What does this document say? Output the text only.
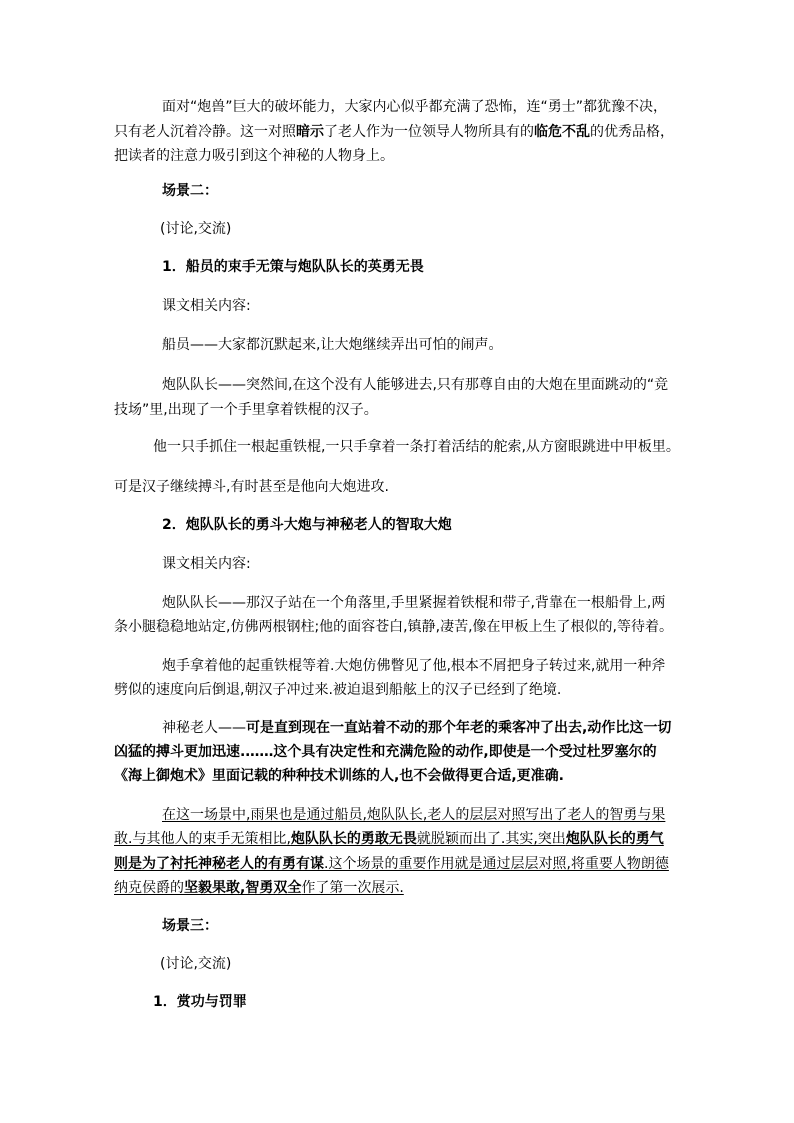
面对“炮兽”巨大的破坏能力，大家内心似乎都充满了恐怖，连“勇士”都犹豫不决，
只有老人沉着冷静。这一对照暗示了老人作为一位领导人物所具有的临危不乱的优秀品格，
把读者的注意力吸引到这个神秘的人物身上。
场景二：
(讨论,交流)
1．船员的束手无策与炮队队长的英勇无畏
课文相关内容:
船员——大家都沉默起来,让大炮继续弄出可怕的闹声。
炮队队长——突然间,在这个没有人能够进去,只有那尊自由的大炮在里面跳动的“竞
技场”里,出现了一个手里拿着铁棍的汉子。
他一只手抓住一根起重铁棍,一只手拿着一条打着活结的舵索,从方窗眼跳进中甲板里。
可是汉子继续搏斗,有时甚至是他向大炮进攻.
2．炮队队长的勇斗大炮与神秘老人的智取大炮
课文相关内容:
炮队队长——那汉子站在一个角落里,手里紧握着铁棍和带子,背靠在一根船骨上,两
条小腿稳稳地站定,仿佛两根钢柱;他的面容苍白,镇静,凄苦,像在甲板上生了根似的,等待着。
炮手拿着他的起重铁棍等着.大炮仿佛瞥见了他,根本不屑把身子转过来,就用一种斧
劈似的速度向后倒退,朝汉子冲过来.被迫退到船舷上的汉子已经到了绝境.
神秘老人——可是直到现在一直站着不动的那个年老的乘客冲了出去,动作比这一切
凶猛的搏斗更加迅速.……这个具有决定性和充满危险的动作,即使是一个受过杜罗塞尔的
《海上御炮术》里面记载的种种技术训练的人,也不会做得更合适,更准确.
在这一场景中,雨果也是通过船员,炮队队长,老人的层层对照写出了老人的智勇与果
敢.与其他人的束手无策相比,炮队队长的勇敢无畏就脱颖而出了.其实,突出炮队队长的勇气
则是为了衬托神秘老人的有勇有谋.这个场景的重要作用就是通过层层对照,将重要人物朗德
纳克侯爵的坚毅果敢,智勇双全作了第一次展示.
场景三：
(讨论,交流)
1．赏功与罚罪
